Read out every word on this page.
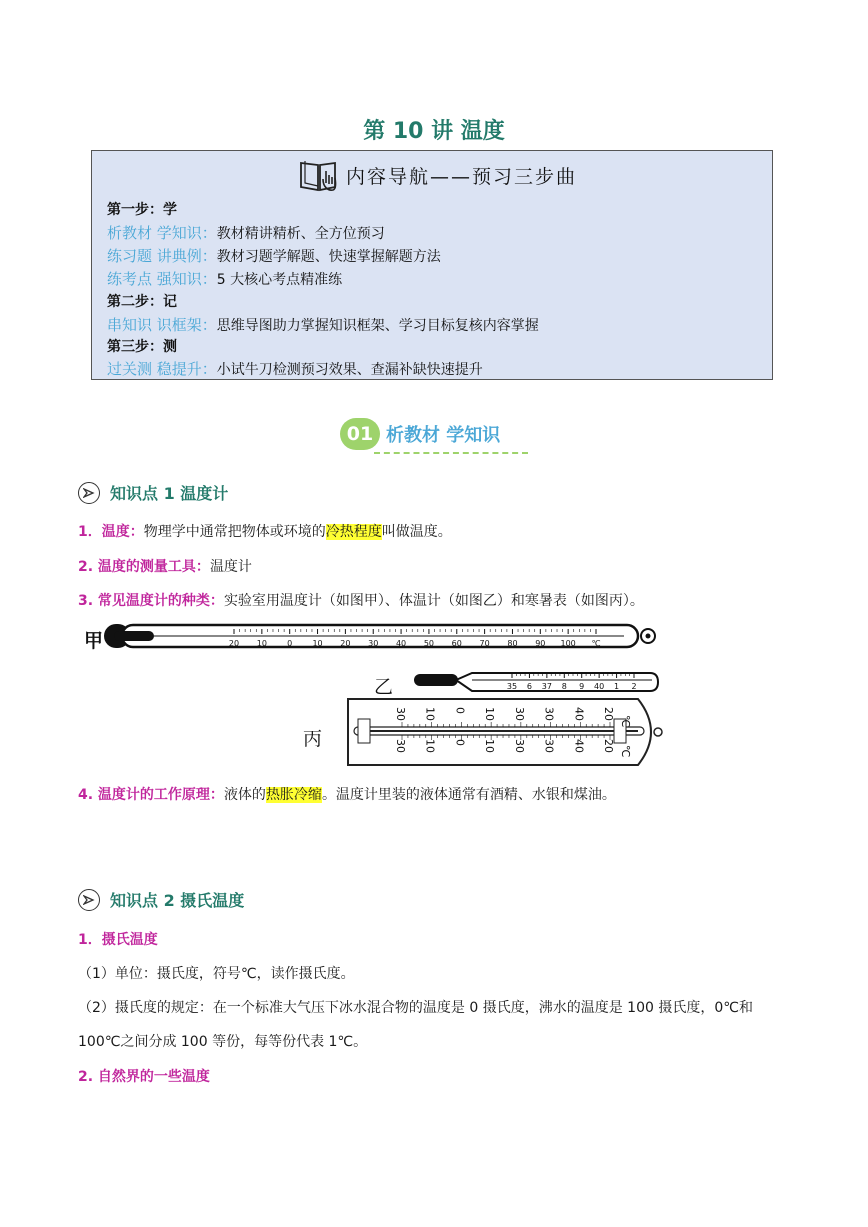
第 10 讲 温度
内容导航——预习三步曲
第一步：学
析教材 学知识：教材精讲精析、全方位预习
练习题 讲典例：教材习题学解题、快速掌握解题方法
练考点 强知识：5 大核心考点精准练
第二步：记
串知识 识框架：思维导图助力掌握知识框架、学习目标复核内容掌握
第三步：测
过关测 稳提升：小试牛刀检测预习效果、查漏补缺快速提升
01 析教材 学知识
知识点 1 温度计
1．温度：物理学中通常把物体或环境的冷热程度叫做温度。
2. 温度的测量工具：温度计
3. 常见温度计的种类：实验室用温度计（如图甲）、体温计（如图乙）和寒暑表（如图丙）。
甲
乙
丙
20 10	0	10 20 30 40 50 60 70 80 90 100 ℃
35 6 37 8 9 40 1 2
30
30
10
10
0
0
10
10
30
30
30
30
40
40
20
20
℃
℃
4. 温度计的工作原理：液体的热胀冷缩。温度计里装的液体通常有酒精、水银和煤油。
知识点 2 摄氏温度
1．摄氏温度
（1）单位：摄氏度，符号℃，读作摄氏度。
（2）摄氏度的规定：在一个标准大气压下冰水混合物的温度是 0 摄氏度，沸水的温度是 100 摄氏度，0℃和
100℃之间分成 100 等份，每等份代表 1℃。
2. 自然界的一些温度
